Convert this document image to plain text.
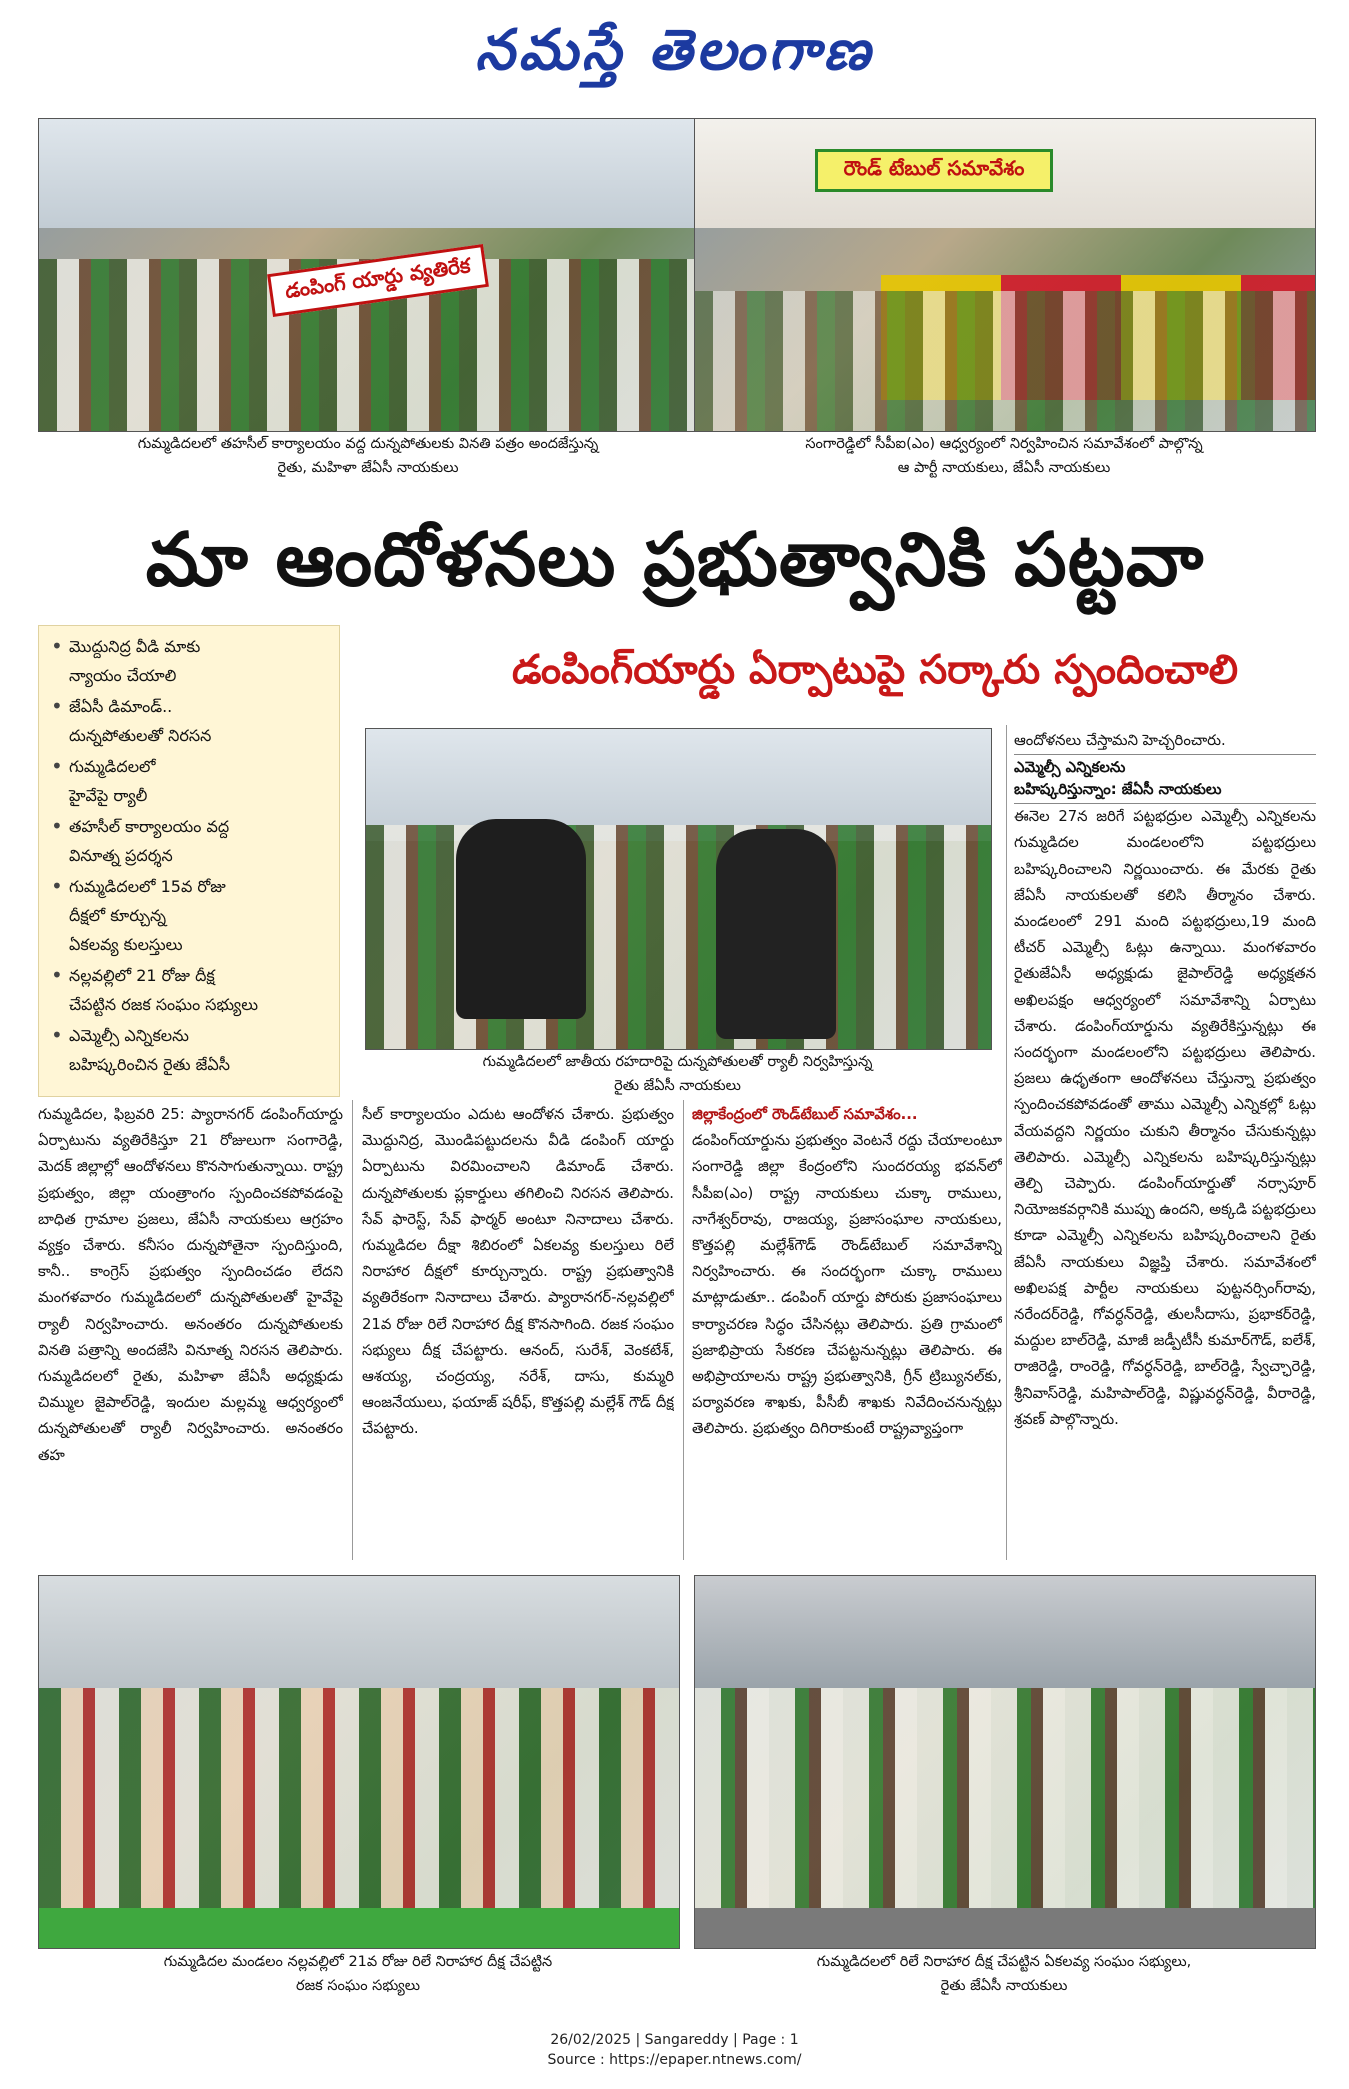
నమస్తే తెలంగాణ
డంపింగ్ యార్డు వ్యతిరేక
గుమ్మడిదలలో తహసీల్ కార్యాలయం వద్ద దున్నపోతులకు వినతి పత్రం అందజేస్తున్న
రైతు, మహిళా జేఏసీ నాయకులు
రౌండ్ టేబుల్ సమావేశం
సంగారెడ్డిలో సీపీఐ(ఎం) ఆధ్వర్యంలో నిర్వహించిన సమావేశంలో పాల్గొన్న
ఆ పార్టీ నాయకులు, జేఏసీ నాయకులు
మా ఆందోళనలు ప్రభుత్వానికి పట్టవా
డంపింగ్‌యార్డు ఏర్పాటుపై సర్కారు స్పందించాలి
• మొద్దునిద్ర వీడి మాకు
న్యాయం చేయాలి
• జేఏసీ డిమాండ్..
దున్నపోతులతో నిరసన
• గుమ్మడిదలలో
హైవేపై ర్యాలీ
• తహసీల్ కార్యాలయం వద్ద
వినూత్న ప్రదర్శన
• గుమ్మడిదలలో 15వ రోజు
దీక్షలో కూర్చున్న
ఏకలవ్య కులస్తులు
• నల్లవల్లిలో 21 రోజు దీక్ష
చేపట్టిన రజక సంఘం సభ్యులు
• ఎమ్మెల్సీ ఎన్నికలను
బహిష్కరించిన రైతు జేఏసీ	గుమ్మడిదలలో జాతీయ రహదారిపై దున్నపోతులతో ర్యాలీ నిర్వహిస్తున్న
రైతు జేఏసీ నాయకులు
గుమ్మడిదల, ఫిబ్రవరి 25: ప్యారానగర్ డంపింగ్‌యార్డు ఏర్పాటును వ్యతిరేకిస్తూ 21 రోజులుగా సంగారెడ్డి, మెదక్ జిల్లాల్లో ఆందోళనలు కొనసాగుతున్నాయి. రాష్ట్ర ప్రభుత్వం, జిల్లా యంత్రాంగం స్పందించకపోవడంపై బాధిత గ్రామాల ప్రజలు, జేఏసీ నాయకులు ఆగ్రహం వ్యక్తం చేశారు. కనీసం దున్నపోతైనా స్పందిస్తుంది, కానీ.. కాంగ్రెస్ ప్రభుత్వం స్పందించడం లేదని మంగళవారం గుమ్మడిదలలో దున్నపోతులతో హైవేపై ర్యాలీ నిర్వహించారు. అనంతరం దున్నపోతులకు వినతి పత్రాన్ని అందజేసి వినూత్న నిరసన తెలిపారు. గుమ్మడిదలలో రైతు, మహిళా జేఏసీ అధ్యక్షుడు చిమ్ముల జైపాల్‌రెడ్డి, ఇందుల మల్లమ్మ ఆధ్వర్యంలో దున్నపోతులతో ర్యాలీ నిర్వహించారు. అనంతరం తహ
సీల్ కార్యాలయం ఎదుట ఆందోళన చేశారు. ప్రభుత్వం మొద్దునిద్ర, మొండిపట్టుదలను వీడి డంపింగ్ యార్డు ఏర్పాటును విరమించాలని డిమాండ్ చేశారు. దున్నపోతులకు ప్లకార్డులు తగిలించి నిరసన తెలిపారు. సేవ్ ఫారెస్ట్, సేవ్ ఫార్మర్ అంటూ నినాదాలు చేశారు. గుమ్మడిదల దీక్షా శిబిరంలో ఏకలవ్య కులస్తులు రిలే నిరాహార దీక్షలో కూర్చున్నారు. రాష్ట్ర ప్రభుత్వానికి వ్యతిరేకంగా నినాదాలు చేశారు. ప్యారానగర్-నల్లవల్లిలో 21వ రోజు రిలే నిరాహార దీక్ష కొనసాగింది. రజక సంఘం సభ్యులు దీక్ష చేపట్టారు. ఆనంద్, సురేశ్, వెంకటేశ్, ఆశయ్య, చంద్రయ్య, నరేశ్, దాసు, కుమ్మరి ఆంజనేయులు, ఫయాజ్ షరీఫ్, కొత్తపల్లి మల్లేశ్ గౌడ్ దీక్ష చేపట్టారు.
జిల్లాకేంద్రంలో రౌండ్‌టేబుల్ సమావేశం...
డంపింగ్‌యార్డును ప్రభుత్వం వెంటనే రద్దు చేయాలంటూ సంగారెడ్డి జిల్లా కేంద్రంలోని సుందరయ్య భవన్‌లో సీపీఐ(ఎం) రాష్ట్ర నాయకులు చుక్కా రాములు, నాగేశ్వర్‌రావు, రాజయ్య, ప్రజాసంఘాల నాయకులు, కొత్తపల్లి మల్లేశ్‌గౌడ్ రౌండ్‌టేబుల్ సమావేశాన్ని నిర్వహించారు. ఈ సందర్భంగా చుక్కా రాములు మాట్లాడుతూ.. డంపింగ్ యార్డు పోరుకు ప్రజాసంఘాలు కార్యాచరణ సిద్ధం చేసినట్లు తెలిపారు. ప్రతి గ్రామంలో ప్రజాభిప్రాయ సేకరణ చేపట్టనున్నట్లు తెలిపారు. ఈ అభిప్రాయాలను రాష్ట్ర ప్రభుత్వానికి, గ్రీన్ ట్రిబ్యునల్‌కు, పర్యావరణ శాఖకు, పీసీబీ శాఖకు నివేదించనున్నట్లు తెలిపారు. ప్రభుత్వం దిగిరాకుంటే రాష్ట్రవ్యాప్తంగా
ఆందోళనలు చేస్తామని హెచ్చరించారు.
ఎమ్మెల్సీ ఎన్నికలను
బహిష్కరిస్తున్నాం: జేఏసీ నాయకులు
ఈనెల 27న జరిగే పట్టభద్రుల ఎమ్మెల్సీ ఎన్నికలను గుమ్మడిదల మండలంలోని పట్టభద్రులు బహిష్కరించాలని నిర్ణయించారు. ఈ మేరకు రైతు జేఏసీ నాయకులతో కలిసి తీర్మానం చేశారు. మండలంలో 291 మంది పట్టభద్రులు,19 మంది టీచర్ ఎమ్మెల్సీ ఓట్లు ఉన్నాయి. మంగళవారం రైతుజేఏసీ అధ్యక్షుడు జైపాల్‌రెడ్డి అధ్యక్షతన అఖిలపక్షం ఆధ్వర్యంలో సమావేశాన్ని ఏర్పాటు చేశారు. డంపింగ్‌యార్డును వ్యతిరేకిస్తున్నట్లు ఈ సందర్భంగా మండలంలోని పట్టభద్రులు తెలిపారు. ప్రజలు ఉధృతంగా ఆందోళనలు చేస్తున్నా ప్రభుత్వం స్పందించకపోవడంతో తాము ఎమ్మెల్సీ ఎన్నికల్లో ఓట్లు వేయవద్దని నిర్ణయం చుకుని తీర్మానం చేసుకున్నట్లు తెలిపారు. ఎమ్మెల్సీ ఎన్నికలను బహిష్కరిస్తున్నట్లు తెల్పి చెప్పారు. డంపింగ్‌యార్డుతో నర్సాపూర్ నియోజకవర్గానికి ముప్పు ఉందని, అక్కడి పట్టభద్రులు కూడా ఎమ్మెల్సీ ఎన్నికలను బహిష్కరించాలని రైతు జేఏసీ నాయకులు విజ్ఞప్తి చేశారు. సమావేశంలో అఖిలపక్ష పార్టీల నాయకులు పుట్టనర్సింగ్‌రావు, నరేందర్‌రెడ్డి, గోవర్ధన్‌రెడ్డి, తులసీదాసు, ప్రభాకర్‌రెడ్డి, మద్దుల బాల్‌రెడ్డి, మాజీ జడ్పీటీసీ కుమార్‌గౌడ్, ఐలేశ్, రాజిరెడ్డి, రాంరెడ్డి, గోవర్ధన్‌రెడ్డి, బాల్‌రెడ్డి, స్వేచ్ఛారెడ్డి, శ్రీనివాస్‌రెడ్డి, మహిపాల్‌రెడ్డి, విష్ణువర్ధన్‌రెడ్డి, వీరారెడ్డి, శ్రవణ్ పాల్గొన్నారు.
గుమ్మడిదల మండలం నల్లవల్లిలో 21వ రోజు రిలే నిరాహార దీక్ష చేపట్టిన
రజక సంఘం సభ్యులు
గుమ్మడిదలలో రిలే నిరాహార దీక్ష చేపట్టిన ఏకలవ్య సంఘం సభ్యులు,
రైతు జేఏసీ నాయకులు
26/02/2025 | Sangareddy | Page : 1
Source : https://epaper.ntnews.com/
